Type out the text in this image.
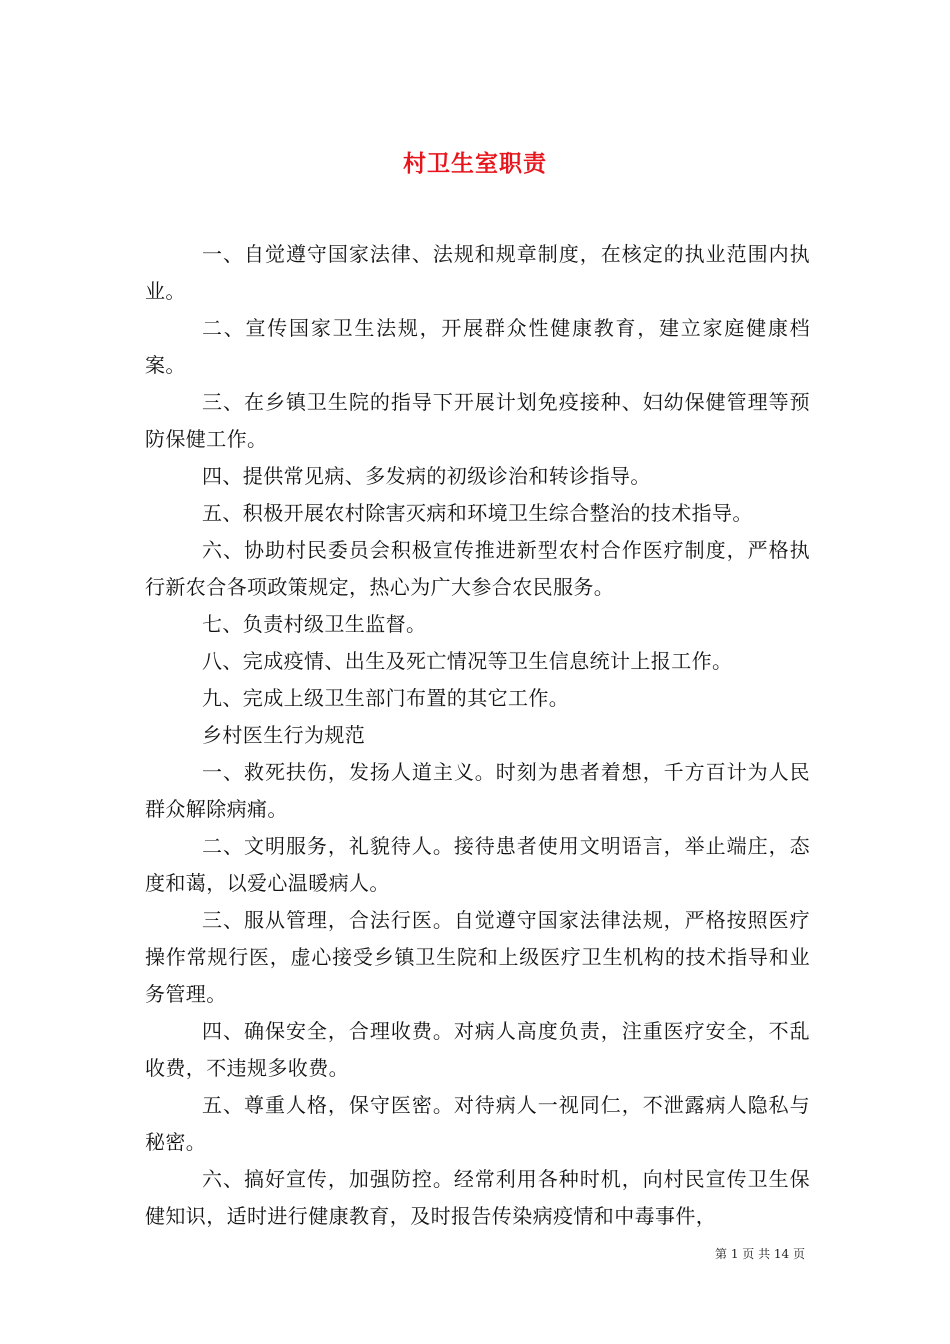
村卫生室职责

一、自觉遵守国家法律、法规和规章制度，在核定的执业范围内执业。

二、宣传国家卫生法规，开展群众性健康教育，建立家庭健康档案。

三、在乡镇卫生院的指导下开展计划免疫接种、妇幼保健管理等预防保健工作。

四、提供常见病、多发病的初级诊治和转诊指导。

五、积极开展农村除害灭病和环境卫生综合整治的技术指导。

六、协助村民委员会积极宣传推进新型农村合作医疗制度，严格执行新农合各项政策规定，热心为广大参合农民服务。

七、负责村级卫生监督。

八、完成疫情、出生及死亡情况等卫生信息统计上报工作。

九、完成上级卫生部门布置的其它工作。

乡村医生行为规范

一、救死扶伤，发扬人道主义。时刻为患者着想，千方百计为人民群众解除病痛。

二、文明服务，礼貌待人。接待患者使用文明语言，举止端庄，态度和蔼，以爱心温暖病人。

三、服从管理，合法行医。自觉遵守国家法律法规，严格按照医疗操作常规行医，虚心接受乡镇卫生院和上级医疗卫生机构的技术指导和业务管理。

四、确保安全，合理收费。对病人高度负责，注重医疗安全，不乱收费，不违规多收费。

五、尊重人格，保守医密。对待病人一视同仁，不泄露病人隐私与秘密。

六、搞好宣传，加强防控。经常利用各种时机，向村民宣传卫生保健知识，适时进行健康教育，及时报告传染病疫情和中毒事件，

第 1 页 共 14 页
